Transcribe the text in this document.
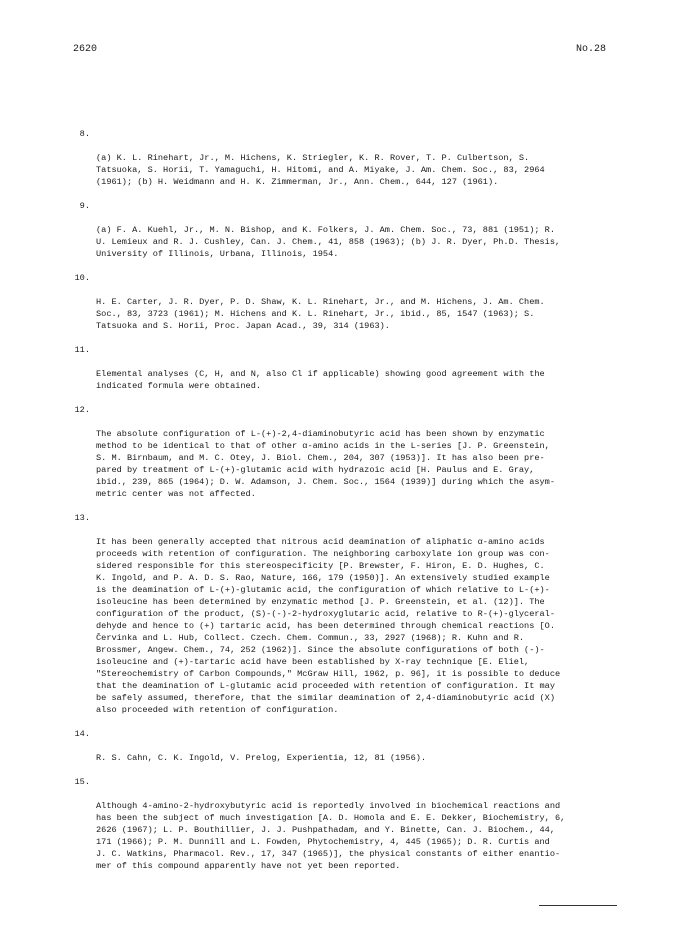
2620	No.28

8.

(a) K. L. Rinehart, Jr., M. Hichens, K. Striegler, K. R. Rover, T. P. Culbertson, S.
Tatsuoka, S. Horii, T. Yamaguchi, H. Hitomi, and A. Miyake, J. Am. Chem. Soc., 83, 2964
(1961); (b) H. Weidmann and H. K. Zimmerman, Jr., Ann. Chem., 644, 127 (1961).

9.

(a) F. A. Kuehl, Jr., M. N. Bishop, and K. Folkers, J. Am. Chem. Soc., 73, 881 (1951); R.
U. Lemieux and R. J. Cushley, Can. J. Chem., 41, 858 (1963); (b) J. R. Dyer, Ph.D. Thesis,
University of Illinois, Urbana, Illinois, 1954.

10.

H. E. Carter, J. R. Dyer, P. D. Shaw, K. L. Rinehart, Jr., and M. Hichens, J. Am. Chem.
Soc., 83, 3723 (1961); M. Hichens and K. L. Rinehart, Jr., ibid., 85, 1547 (1963); S.
Tatsuoka and S. Horii, Proc. Japan Acad., 39, 314 (1963).

11.

Elemental analyses (C, H, and N, also Cl if applicable) showing good agreement with the
indicated formula were obtained.

12.

The absolute configuration of L-(+)-2,4-diaminobutyric acid has been shown by enzymatic
method to be identical to that of other α-amino acids in the L-series [J. P. Greenstein,
S. M. Birnbaum, and M. C. Otey, J. Biol. Chem., 204, 307 (1953)]. It has also been pre-
pared by treatment of L-(+)-glutamic acid with hydrazoic acid [H. Paulus and E. Gray,
ibid., 239, 865 (1964); D. W. Adamson, J. Chem. Soc., 1564 (1939)] during which the asym-
metric center was not affected.

13.

It has been generally accepted that nitrous acid deamination of aliphatic α-amino acids
proceeds with retention of configuration. The neighboring carboxylate ion group was con-
sidered responsible for this stereospecificity [P. Brewster, F. Hiron, E. D. Hughes, C.
K. Ingold, and P. A. D. S. Rao, Nature, 166, 179 (1950)]. An extensively studied example
is the deamination of L-(+)-glutamic acid, the configuration of which relative to L-(+)-
isoleucine has been determined by enzymatic method [J. P. Greenstein, et al. (12)]. The
configuration of the product, (S)-(-)-2-hydroxyglutaric acid, relative to R-(+)-glyceral-
dehyde and hence to (+) tartaric acid, has been determined through chemical reactions [O.
Červinka and L. Hub, Collect. Czech. Chem. Commun., 33, 2927 (1968); R. Kuhn and R.
Brossmer, Angew. Chem., 74, 252 (1962)]. Since the absolute configurations of both (-)-
isoleucine and (+)-tartaric acid have been established by X-ray technique [E. Eliel,
"Stereochemistry of Carbon Compounds," McGraw Hill, 1962, p. 96], it is possible to deduce
that the deamination of L-glutamic acid proceeded with retention of configuration. It may
be safely assumed, therefore, that the similar deamination of 2,4-diaminobutyric acid (X)
also proceeded with retention of configuration.

14.

R. S. Cahn, C. K. Ingold, V. Prelog, Experientia, 12, 81 (1956).

15.

Although 4-amino-2-hydroxybutyric acid is reportedly involved in biochemical reactions and
has been the subject of much investigation [A. D. Homola and E. E. Dekker, Biochemistry, 6,
2626 (1967); L. P. Bouthillier, J. J. Pushpathadam, and Y. Binette, Can. J. Biochem., 44,
171 (1966); P. M. Dunnill and L. Fowden, Phytochemistry, 4, 445 (1965); D. R. Curtis and
J. C. Watkins, Pharmacol. Rev., 17, 347 (1965)], the physical constants of either enantio-
mer of this compound apparently have not yet been reported.
